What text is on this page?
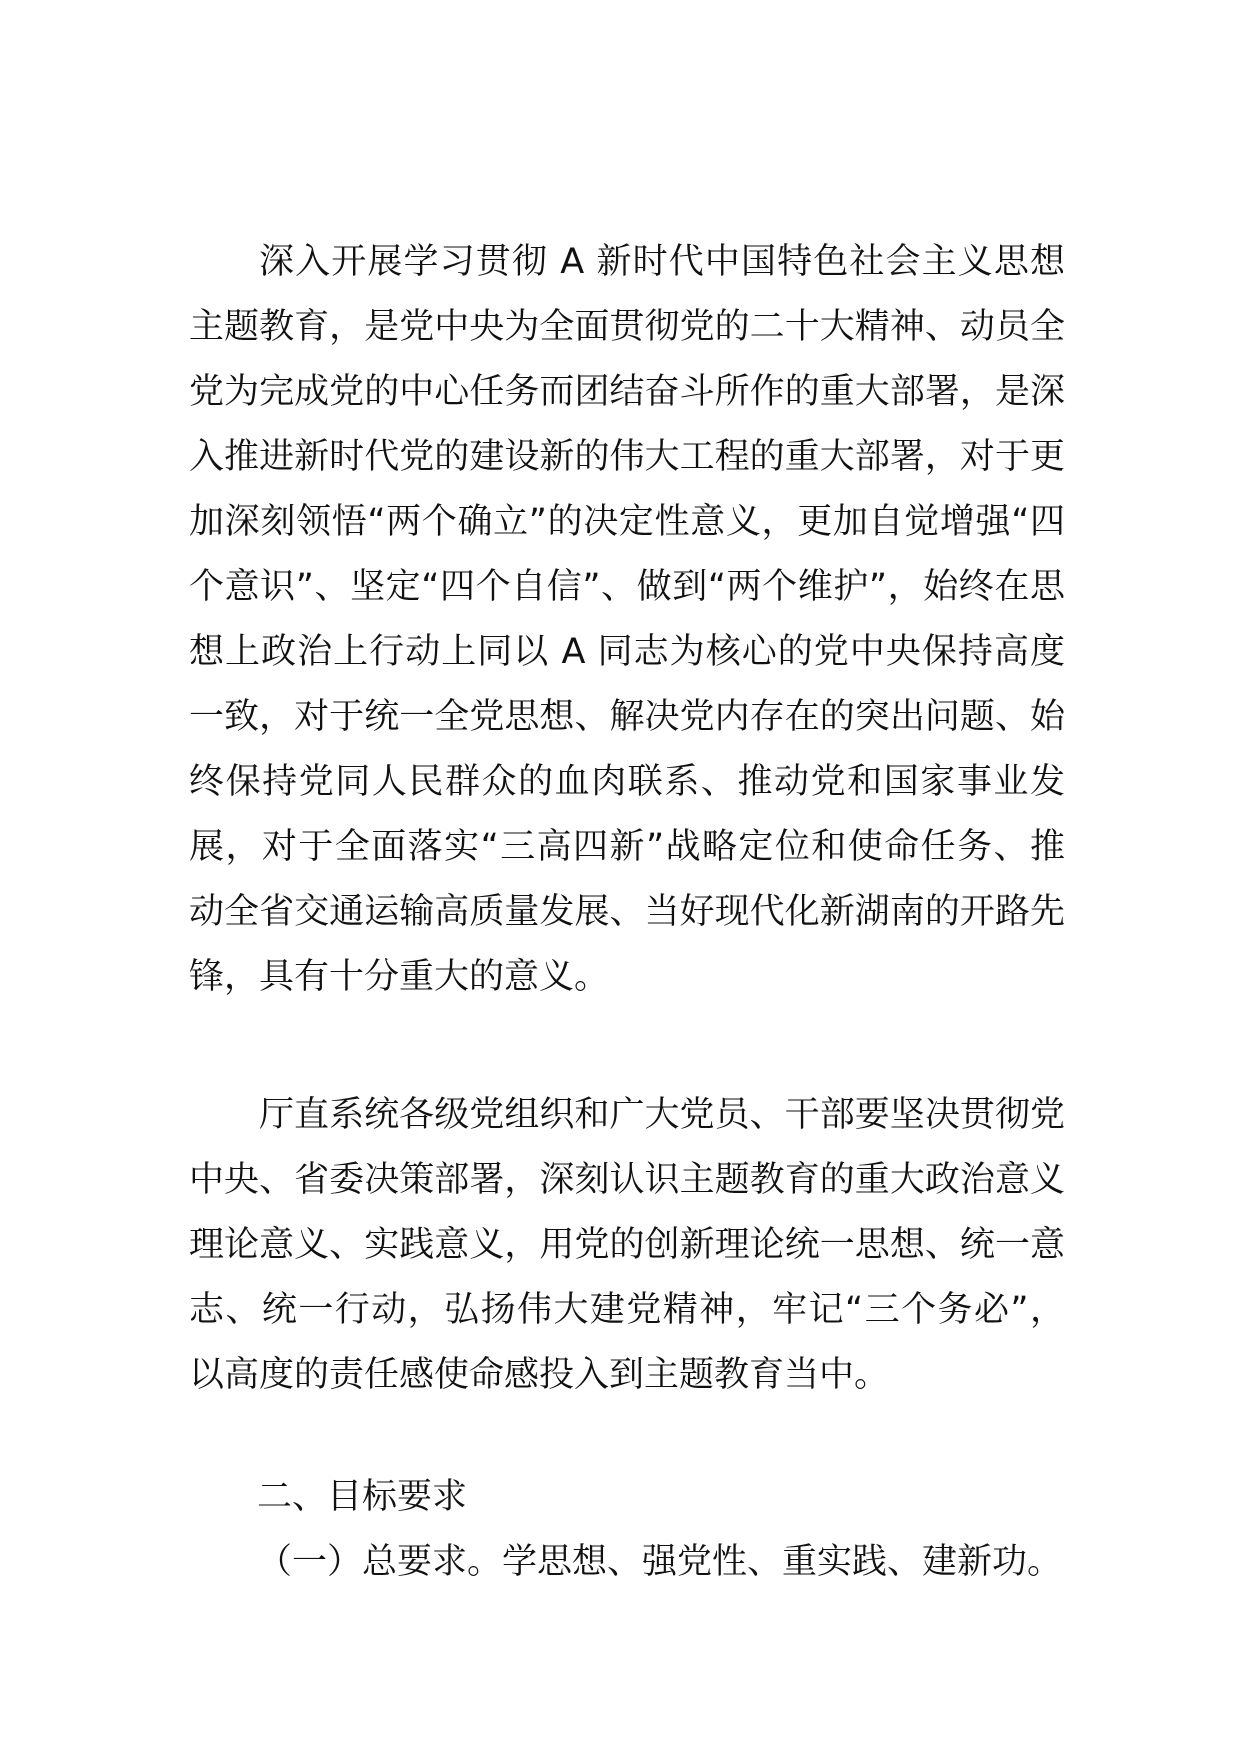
深入开展学习贯彻 A 新时代中国特色社会主义思想主题教育，是党中央为全面贯彻党的二十大精神、动员全党为完成党的中心任务而团结奋斗所作的重大部署，是深入推进新时代党的建设新的伟大工程的重大部署，对于更加深刻领悟“两个确立”的决定性意义，更加自觉增强“四个意识”、坚定“四个自信”、做到“两个维护”，始终在思想上政治上行动上同以 A 同志为核心的党中央保持高度一致，对于统一全党思想、解决党内存在的突出问题、始终保持党同人民群众的血肉联系、推动党和国家事业发展，对于全面落实“三高四新”战略定位和使命任务、推动全省交通运输高质量发展、当好现代化新湖南的开路先锋，具有十分重大的意义。

厅直系统各级党组织和广大党员、干部要坚决贯彻党中央、省委决策部署，深刻认识主题教育的重大政治意义理论意义、实践意义，用党的创新理论统一思想、统一意志、统一行动，弘扬伟大建党精神，牢记“三个务必”，以高度的责任感使命感投入到主题教育当中。

二、目标要求

（一）总要求。学思想、强党性、重实践、建新功。
